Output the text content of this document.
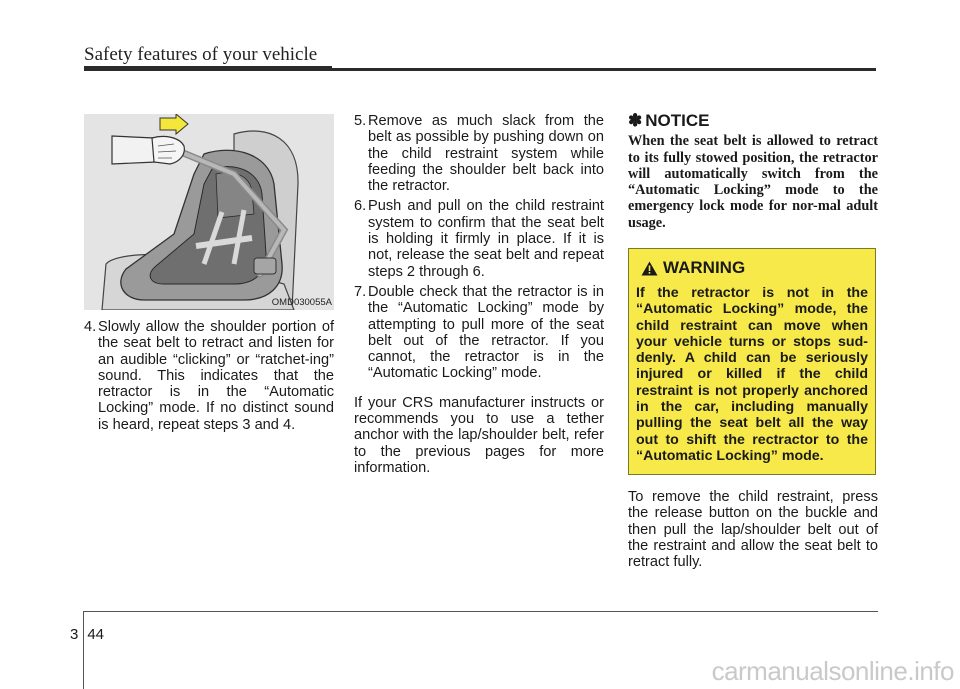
Safety features of your vehicle
OMD030055A
4. Slowly allow the shoulder portion of the seat belt to retract and listen for an audible “clicking” or “ratchet-ing” sound. This indicates that the retractor is in the “Automatic Locking” mode. If no distinct sound is heard, repeat steps 3 and 4.
5. Remove as much slack from the belt as possible by pushing down on the child restraint system while feeding the shoulder belt back into the retractor.
6. Push and pull on the child restraint system to confirm that the seat belt is holding it firmly in place. If it is not, release the seat belt and repeat steps 2 through 6.
7. Double check that the retractor is in the “Automatic Locking” mode by attempting to pull more of the seat belt out of the retractor. If you cannot, the retractor is in the “Automatic Locking” mode.

If your CRS manufacturer instructs or recommends you to use a tether anchor with the lap/shoulder belt, refer to the previous pages for more information.

✽ NOTICE
When the seat belt is allowed to retract to its fully stowed position, the retractor will automatically switch from the “Automatic Locking” mode to the emergency lock mode for nor-mal adult usage.
WARNING
If the retractor is not in the “Automatic Locking” mode, the child restraint can move when your vehicle turns or stops sud-denly. A child can be seriously injured or killed if the child restraint is not properly anchored in the car, including manually pulling the seat belt all the way out to shift the rectractor to the “Automatic Locking” mode.
To remove the child restraint, press the release button on the buckle and then pull the lap/shoulder belt out of the restraint and allow the seat belt to retract fully.
3 44
carmanualsonline.info
